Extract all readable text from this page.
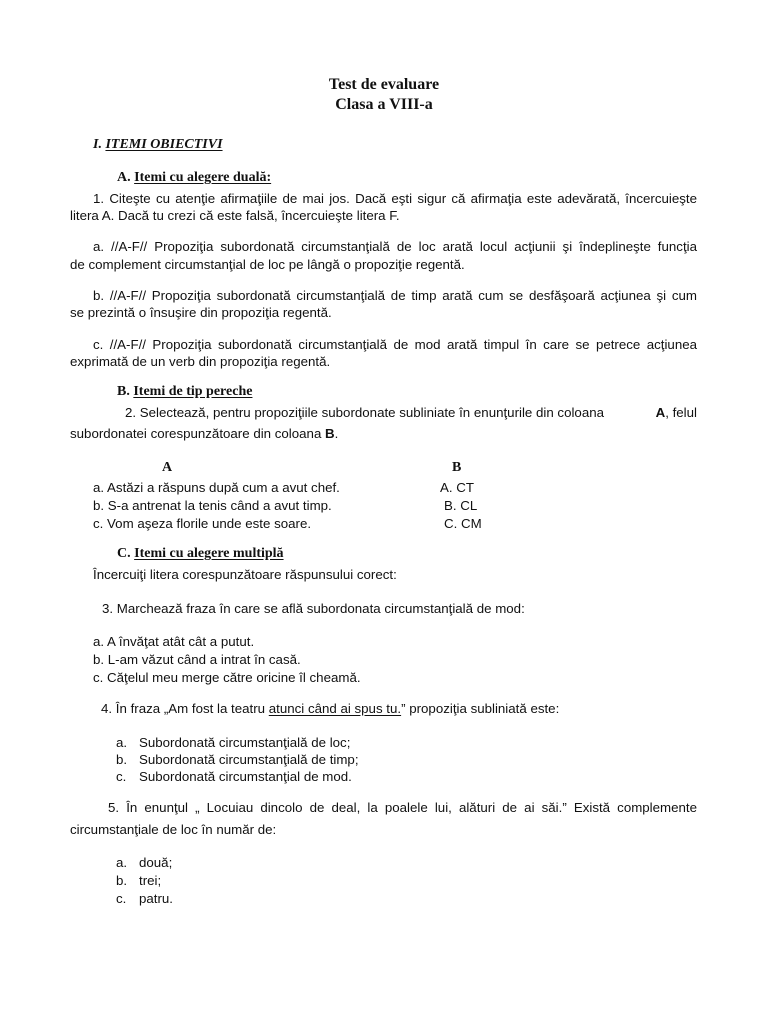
Test de evaluare
Clasa a VIII-a
I. ITEMI OBIECTIVI
A. Itemi cu alegere duală:
1. Citeşte cu atenţie afirmaţiile de mai jos. Dacă eşti sigur că afirmaţia este adevărată, încercuieşte
litera A. Dacă tu crezi că este falsă, încercuieşte litera F.
a. //A-F// Propoziţia subordonată circumstanţială de loc arată locul acţiunii şi îndeplineşte funcţia
de complement circumstanţial de loc pe lângă o propoziţie regentă.
b. //A-F// Propoziţia subordonată circumstanţială de timp arată cum se desfăşoară acţiunea şi cum
se prezintă o însuşire din propoziţia regentă.
c. //A-F// Propoziţia subordonată circumstanţială de mod arată timpul în care se petrece acţiunea
exprimată de un verb din propoziţia regentă.
B. Itemi de tip pereche
2. Selectează, pentru propoziţiile subordonate subliniate în enunţurile din coloana	A, felul
subordonatei corespunzătoare din coloana B.
A	B
a. Astăzi a răspuns după cum a avut chef.
b. S-a antrenat la tenis când a avut timp.
c. Vom aşeza florile unde este soare.
A. CT
B. CL
C. CM
C. Itemi cu alegere multiplă
Încercuiţi litera corespunzătoare răspunsului corect:
3. Marchează fraza în care se află subordonata circumstanţială de mod:
a. A învăţat atât cât a putut.
b. L-am văzut când a intrat în casă.
c. Căţelul meu merge către oricine îl cheamă.
4. În fraza „Am fost la teatru atunci când ai spus tu.” propoziţia subliniată este:
a. Subordonată circumstanţială de loc;
b. Subordonată circumstanţială de timp;
c. Subordonată circumstanţial de mod.
5. În enunţul „ Locuiau dincolo de deal, la poalele lui, alături de ai săi.” Există complemente
circumstanţiale de loc în număr de:
a. două;
b. trei;
c. patru.
